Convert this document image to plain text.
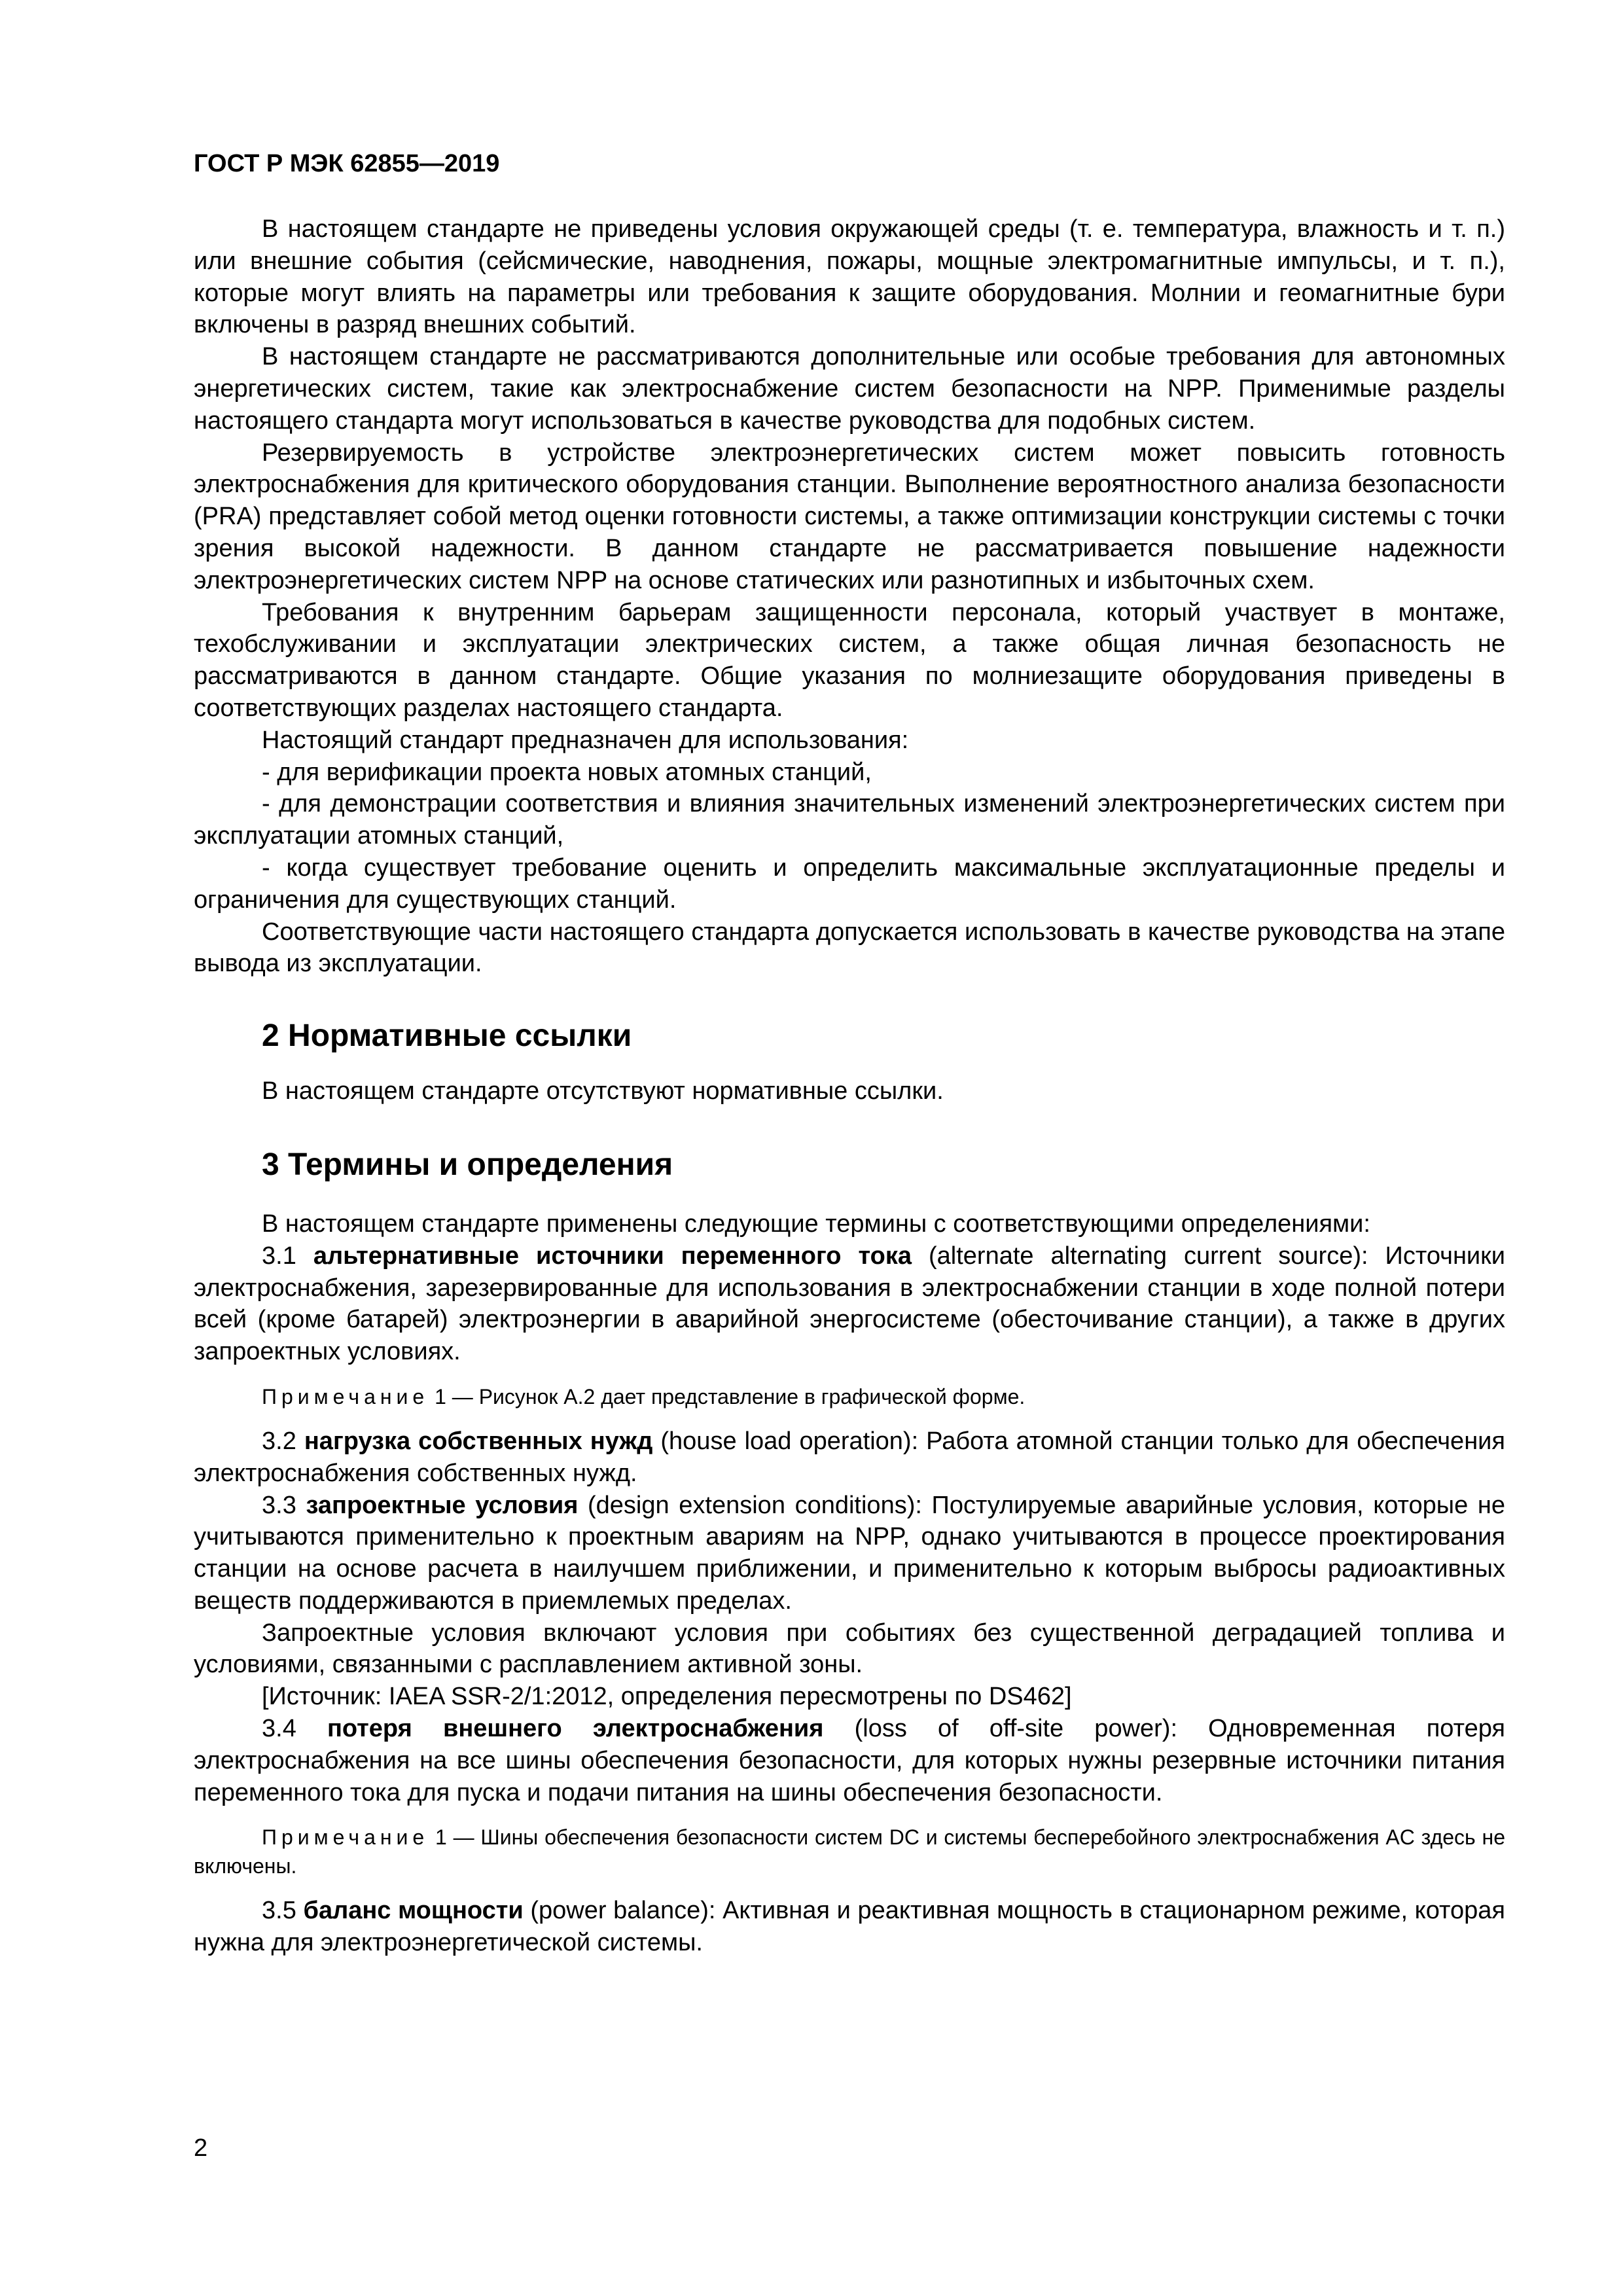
ГОСТ Р МЭК 62855—2019

В настоящем стандарте не приведены условия окружающей среды (т. е. температура, влажность и т. п.) или внешние события (сейсмические, наводнения, пожары, мощные электромагнитные импульсы, и т. п.), которые могут влиять на параметры или требования к защите оборудования. Молнии и геомагнитные бури включены в разряд внешних событий.

В настоящем стандарте не рассматриваются дополнительные или особые требования для автономных энергетических систем, такие как электроснабжение систем безопасности на NPP. Применимые разделы настоящего стандарта могут использоваться в качестве руководства для подобных систем.

Резервируемость в устройстве электроэнергетических систем может повысить готовность электроснабжения для критического оборудования станции. Выполнение вероятностного анализа безопасности (PRA) представляет собой метод оценки готовности системы, а также оптимизации конструкции системы с точки зрения высокой надежности. В данном стандарте не рассматривается повышение надежности электроэнергетических систем NPP на основе статических или разнотипных и избыточных схем.

Требования к внутренним барьерам защищенности персонала, который участвует в монтаже, техобслуживании и эксплуатации электрических систем, а также общая личная безопасность не рассматриваются в данном стандарте. Общие указания по молниезащите оборудования приведены в соответствующих разделах настоящего стандарта.

Настоящий стандарт предназначен для использования:

- для верификации проекта новых атомных станций,

- для демонстрации соответствия и влияния значительных изменений электроэнергетических систем при эксплуатации атомных станций,

- когда существует требование оценить и определить максимальные эксплуатационные пределы и ограничения для существующих станций.

Соответствующие части настоящего стандарта допускается использовать в качестве руководства на этапе вывода из эксплуатации.

2 Нормативные ссылки

В настоящем стандарте отсутствуют нормативные ссылки.

3 Термины и определения

В настоящем стандарте применены следующие термины с соответствующими определениями:

3.1 альтернативные источники переменного тока (alternate alternating current source): Источники электроснабжения, зарезервированные для использования в электроснабжении станции в ходе полной потери всей (кроме батарей) электроэнергии в аварийной энергосистеме (обесточивание станции), а также в других запроектных условиях.

Примечание 1 — Рисунок А.2 дает представление в графической форме.

3.2 нагрузка собственных нужд (house load operation): Работа атомной станции только для обеспечения электроснабжения собственных нужд.

3.3 запроектные условия (design extension conditions): Постулируемые аварийные условия, которые не учитываются применительно к проектным авариям на NPP, однако учитываются в процессе проектирования станции на основе расчета в наилучшем приближении, и применительно к которым выбросы радиоактивных веществ поддерживаются в приемлемых пределах.

Запроектные условия включают условия при событиях без существенной деградацией топлива и условиями, связанными с расплавлением активной зоны.

[Источник: IAEA SSR-2/1:2012, определения пересмотрены по DS462]

3.4 потеря внешнего электроснабжения (loss of off-site power): Одновременная потеря электроснабжения на все шины обеспечения безопасности, для которых нужны резервные источники питания переменного тока для пуска и подачи питания на шины обеспечения безопасности.

Примечание 1 — Шины обеспечения безопасности систем DC и системы бесперебойного электроснабжения AC здесь не включены.

3.5 баланс мощности (power balance): Активная и реактивная мощность в стационарном режиме, которая нужна для электроэнергетической системы.

2
